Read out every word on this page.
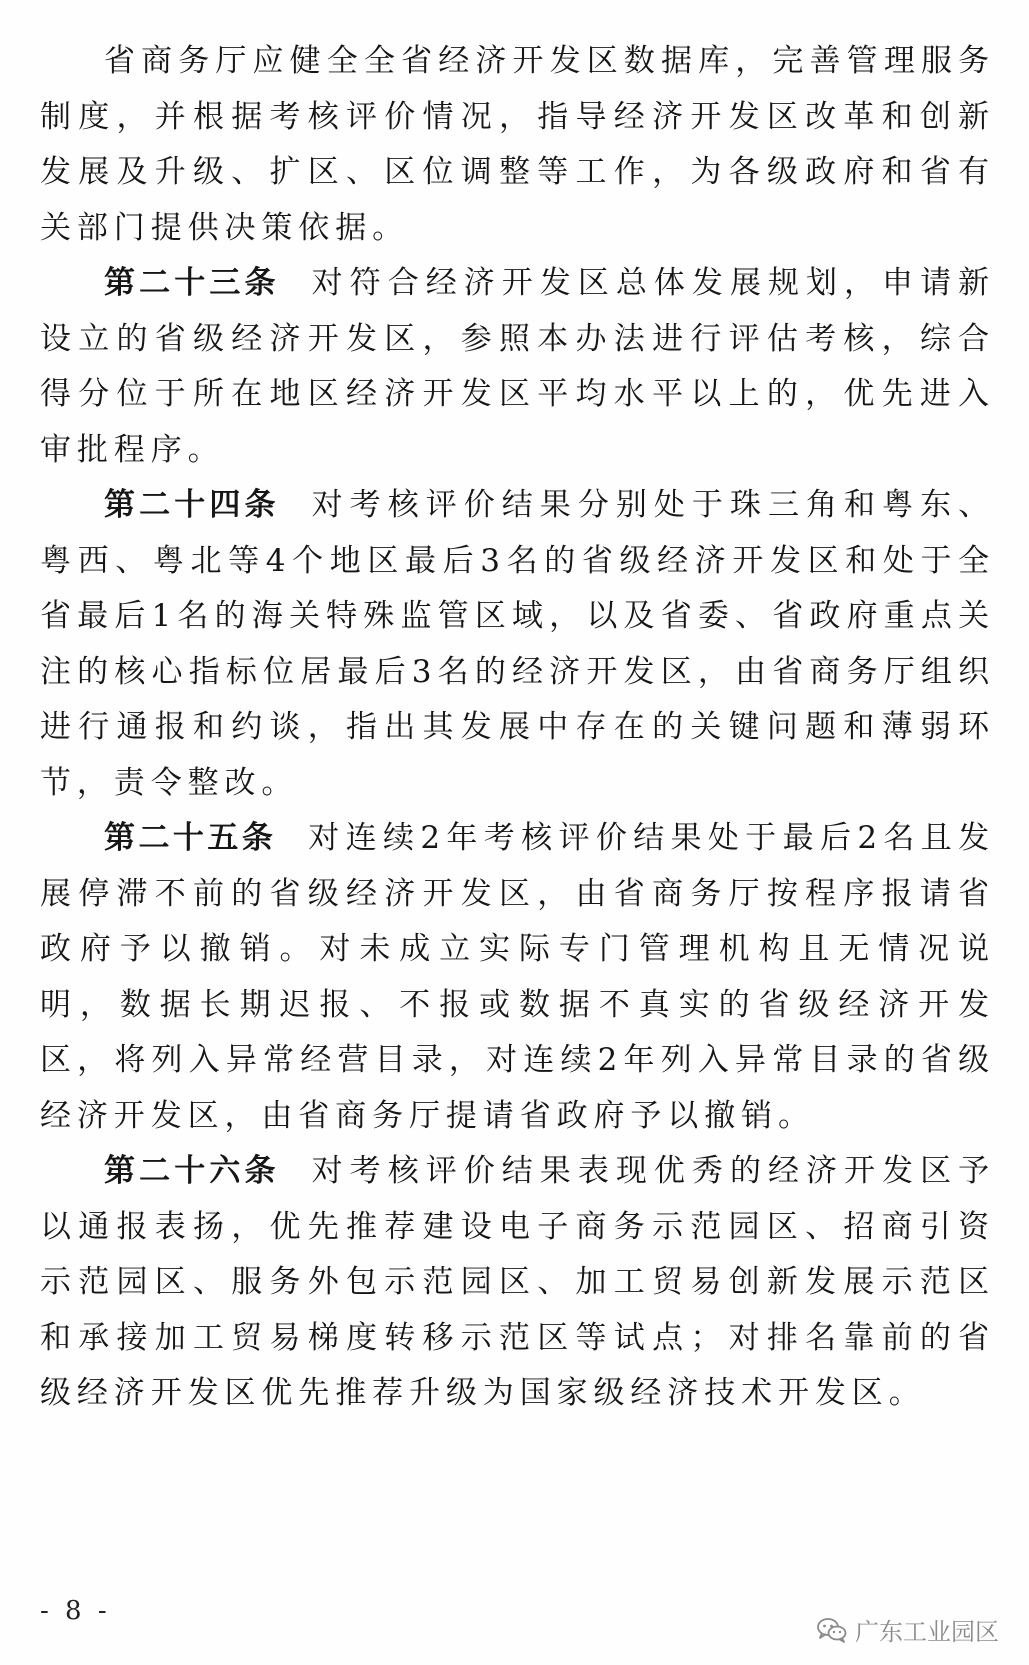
省商务厅应健全全省经济开发区数据库，完善管理服务制度，并根据考核评价情况，指导经济开发区改革和创新发展及升级、扩区、区位调整等工作，为各级政府和省有关部门提供决策依据。

第二十三条 对符合经济开发区总体发展规划，申请新设立的省级经济开发区，参照本办法进行评估考核，综合得分位于所在地区经济开发区平均水平以上的，优先进入审批程序。

第二十四条 对考核评价结果分别处于珠三角和粤东、粤西、粤北等4个地区最后3名的省级经济开发区和处于全省最后1名的海关特殊监管区域，以及省委、省政府重点关注的核心指标位居最后3名的经济开发区，由省商务厅组织进行通报和约谈，指出其发展中存在的关键问题和薄弱环节，责令整改。

第二十五条 对连续2年考核评价结果处于最后2名且发展停滞不前的省级经济开发区，由省商务厅按程序报请省政府予以撤销。对未成立实际专门管理机构且无情况说明，数据长期迟报、不报或数据不真实的省级经济开发区，将列入异常经营目录，对连续2年列入异常目录的省级经济开发区，由省商务厅提请省政府予以撤销。

第二十六条 对考核评价结果表现优秀的经济开发区予以通报表扬，优先推荐建设电子商务示范园区、招商引资示范园区、服务外包示范园区、加工贸易创新发展示范区和承接加工贸易梯度转移示范区等试点；对排名靠前的省级经济开发区优先推荐升级为国家级经济技术开发区。

- 8 -
广东工业园区
